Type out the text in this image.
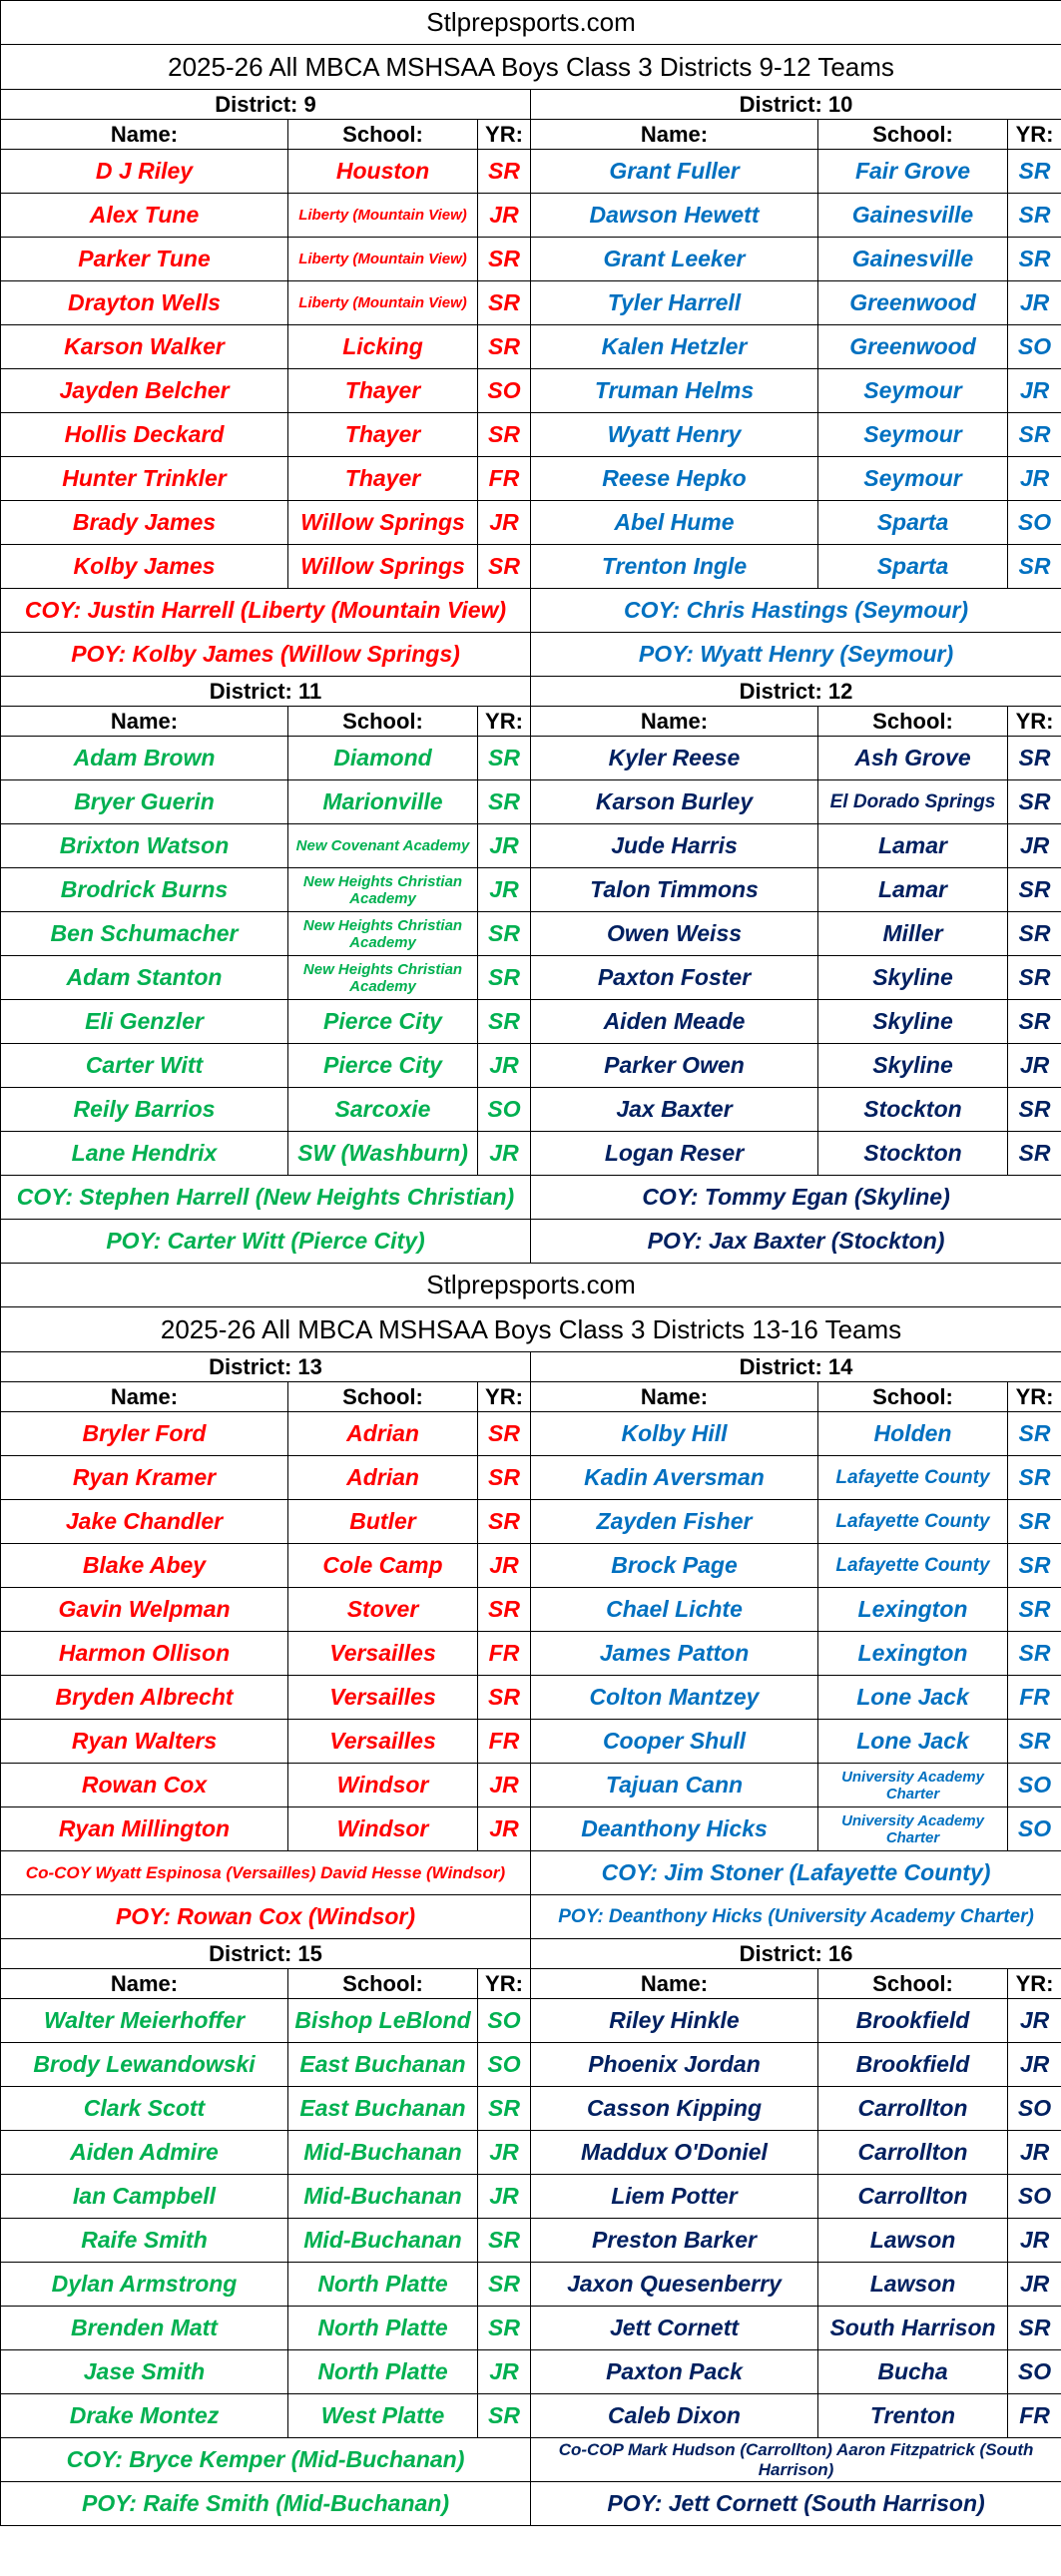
Stlprepsports.com					
2025-26 All MBCA MSHSAA Boys Class 3 Districts 9-12 Teams					
District: 9			District: 10		
Name:	School:	YR:	Name:	School:	YR:
D J Riley	Houston	SR	Grant Fuller	Fair Grove	SR
Alex Tune	Liberty (Mountain View)	JR	Dawson Hewett	Gainesville	SR
Parker Tune	Liberty (Mountain View)	SR	Grant Leeker	Gainesville	SR
Drayton Wells	Liberty (Mountain View)	SR	Tyler Harrell	Greenwood	JR
Karson Walker	Licking	SR	Kalen Hetzler	Greenwood	SO
Jayden Belcher	Thayer	SO	Truman Helms	Seymour	JR
Hollis Deckard	Thayer	SR	Wyatt Henry	Seymour	SR
Hunter Trinkler	Thayer	FR	Reese Hepko	Seymour	JR
Brady James	Willow Springs	JR	Abel Hume	Sparta	SO
Kolby James	Willow Springs	SR	Trenton Ingle	Sparta	SR
COY: Justin Harrell (Liberty (Mountain View)			COY: Chris Hastings (Seymour)		
POY: Kolby James (Willow Springs)			POY: Wyatt Henry (Seymour)		
District: 11			District: 12		
Name:	School:	YR:	Name:	School:	YR:
Adam Brown	Diamond	SR	Kyler Reese	Ash Grove	SR
Bryer Guerin	Marionville	SR	Karson Burley	El Dorado Springs	SR
Brixton Watson	New Covenant Academy	JR	Jude Harris	Lamar	JR
Brodrick Burns	New Heights Christian Academy	JR	Talon Timmons	Lamar	SR
Ben Schumacher	New Heights Christian Academy	SR	Owen Weiss	Miller	SR
Adam Stanton	New Heights Christian Academy	SR	Paxton Foster	Skyline	SR
Eli Genzler	Pierce City	SR	Aiden Meade	Skyline	SR
Carter Witt	Pierce City	JR	Parker Owen	Skyline	JR
Reily Barrios	Sarcoxie	SO	Jax Baxter	Stockton	SR
Lane Hendrix	SW (Washburn)	JR	Logan Reser	Stockton	SR
COY: Stephen Harrell (New Heights Christian)			COY: Tommy Egan (Skyline)		
POY: Carter Witt (Pierce City)			POY: Jax Baxter (Stockton)		
Stlprepsports.com					
2025-26 All MBCA MSHSAA Boys Class 3 Districts 13-16 Teams					
District: 13			District: 14		
Name:	School:	YR:	Name:	School:	YR:
Bryler Ford	Adrian	SR	Kolby Hill	Holden	SR
Ryan Kramer	Adrian	SR	Kadin Aversman	Lafayette County	SR
Jake Chandler	Butler	SR	Zayden Fisher	Lafayette County	SR
Blake Abey	Cole Camp	JR	Brock Page	Lafayette County	SR
Gavin Welpman	Stover	SR	Chael Lichte	Lexington	SR
Harmon Ollison	Versailles	FR	James Patton	Lexington	SR
Bryden Albrecht	Versailles	SR	Colton Mantzey	Lone Jack	FR
Ryan Walters	Versailles	FR	Cooper Shull	Lone Jack	SR
Rowan Cox	Windsor	JR	Tajuan Cann	University Academy Charter	SO
Ryan Millington	Windsor	JR	Deanthony Hicks	University Academy Charter	SO
Co-COY Wyatt Espinosa (Versailles) David Hesse (Windsor)			COY: Jim Stoner (Lafayette County)		
POY: Rowan Cox (Windsor)			POY: Deanthony Hicks (University Academy Charter)		
District: 15			District: 16		
Name:	School:	YR:	Name:	School:	YR:
Walter Meierhoffer	Bishop LeBlond	SO	Riley Hinkle	Brookfield	JR
Brody Lewandowski	East Buchanan	SO	Phoenix Jordan	Brookfield	JR
Clark Scott	East Buchanan	SR	Casson Kipping	Carrollton	SO
Aiden Admire	Mid-Buchanan	JR	Maddux O'Doniel	Carrollton	JR
Ian Campbell	Mid-Buchanan	JR	Liem Potter	Carrollton	SO
Raife Smith	Mid-Buchanan	SR	Preston Barker	Lawson	JR
Dylan Armstrong	North Platte	SR	Jaxon Quesenberry	Lawson	JR
Brenden Matt	North Platte	SR	Jett Cornett	South Harrison	SR
Jase Smith	North Platte	JR	Paxton Pack	Bucha	SO
Drake Montez	West Platte	SR	Caleb Dixon	Trenton	FR
COY: Bryce Kemper (Mid-Buchanan)			Co-COP Mark Hudson (Carrollton) Aaron Fitzpatrick (South Harrison)		
POY: Raife Smith (Mid-Buchanan)			POY: Jett Cornett (South Harrison)		
